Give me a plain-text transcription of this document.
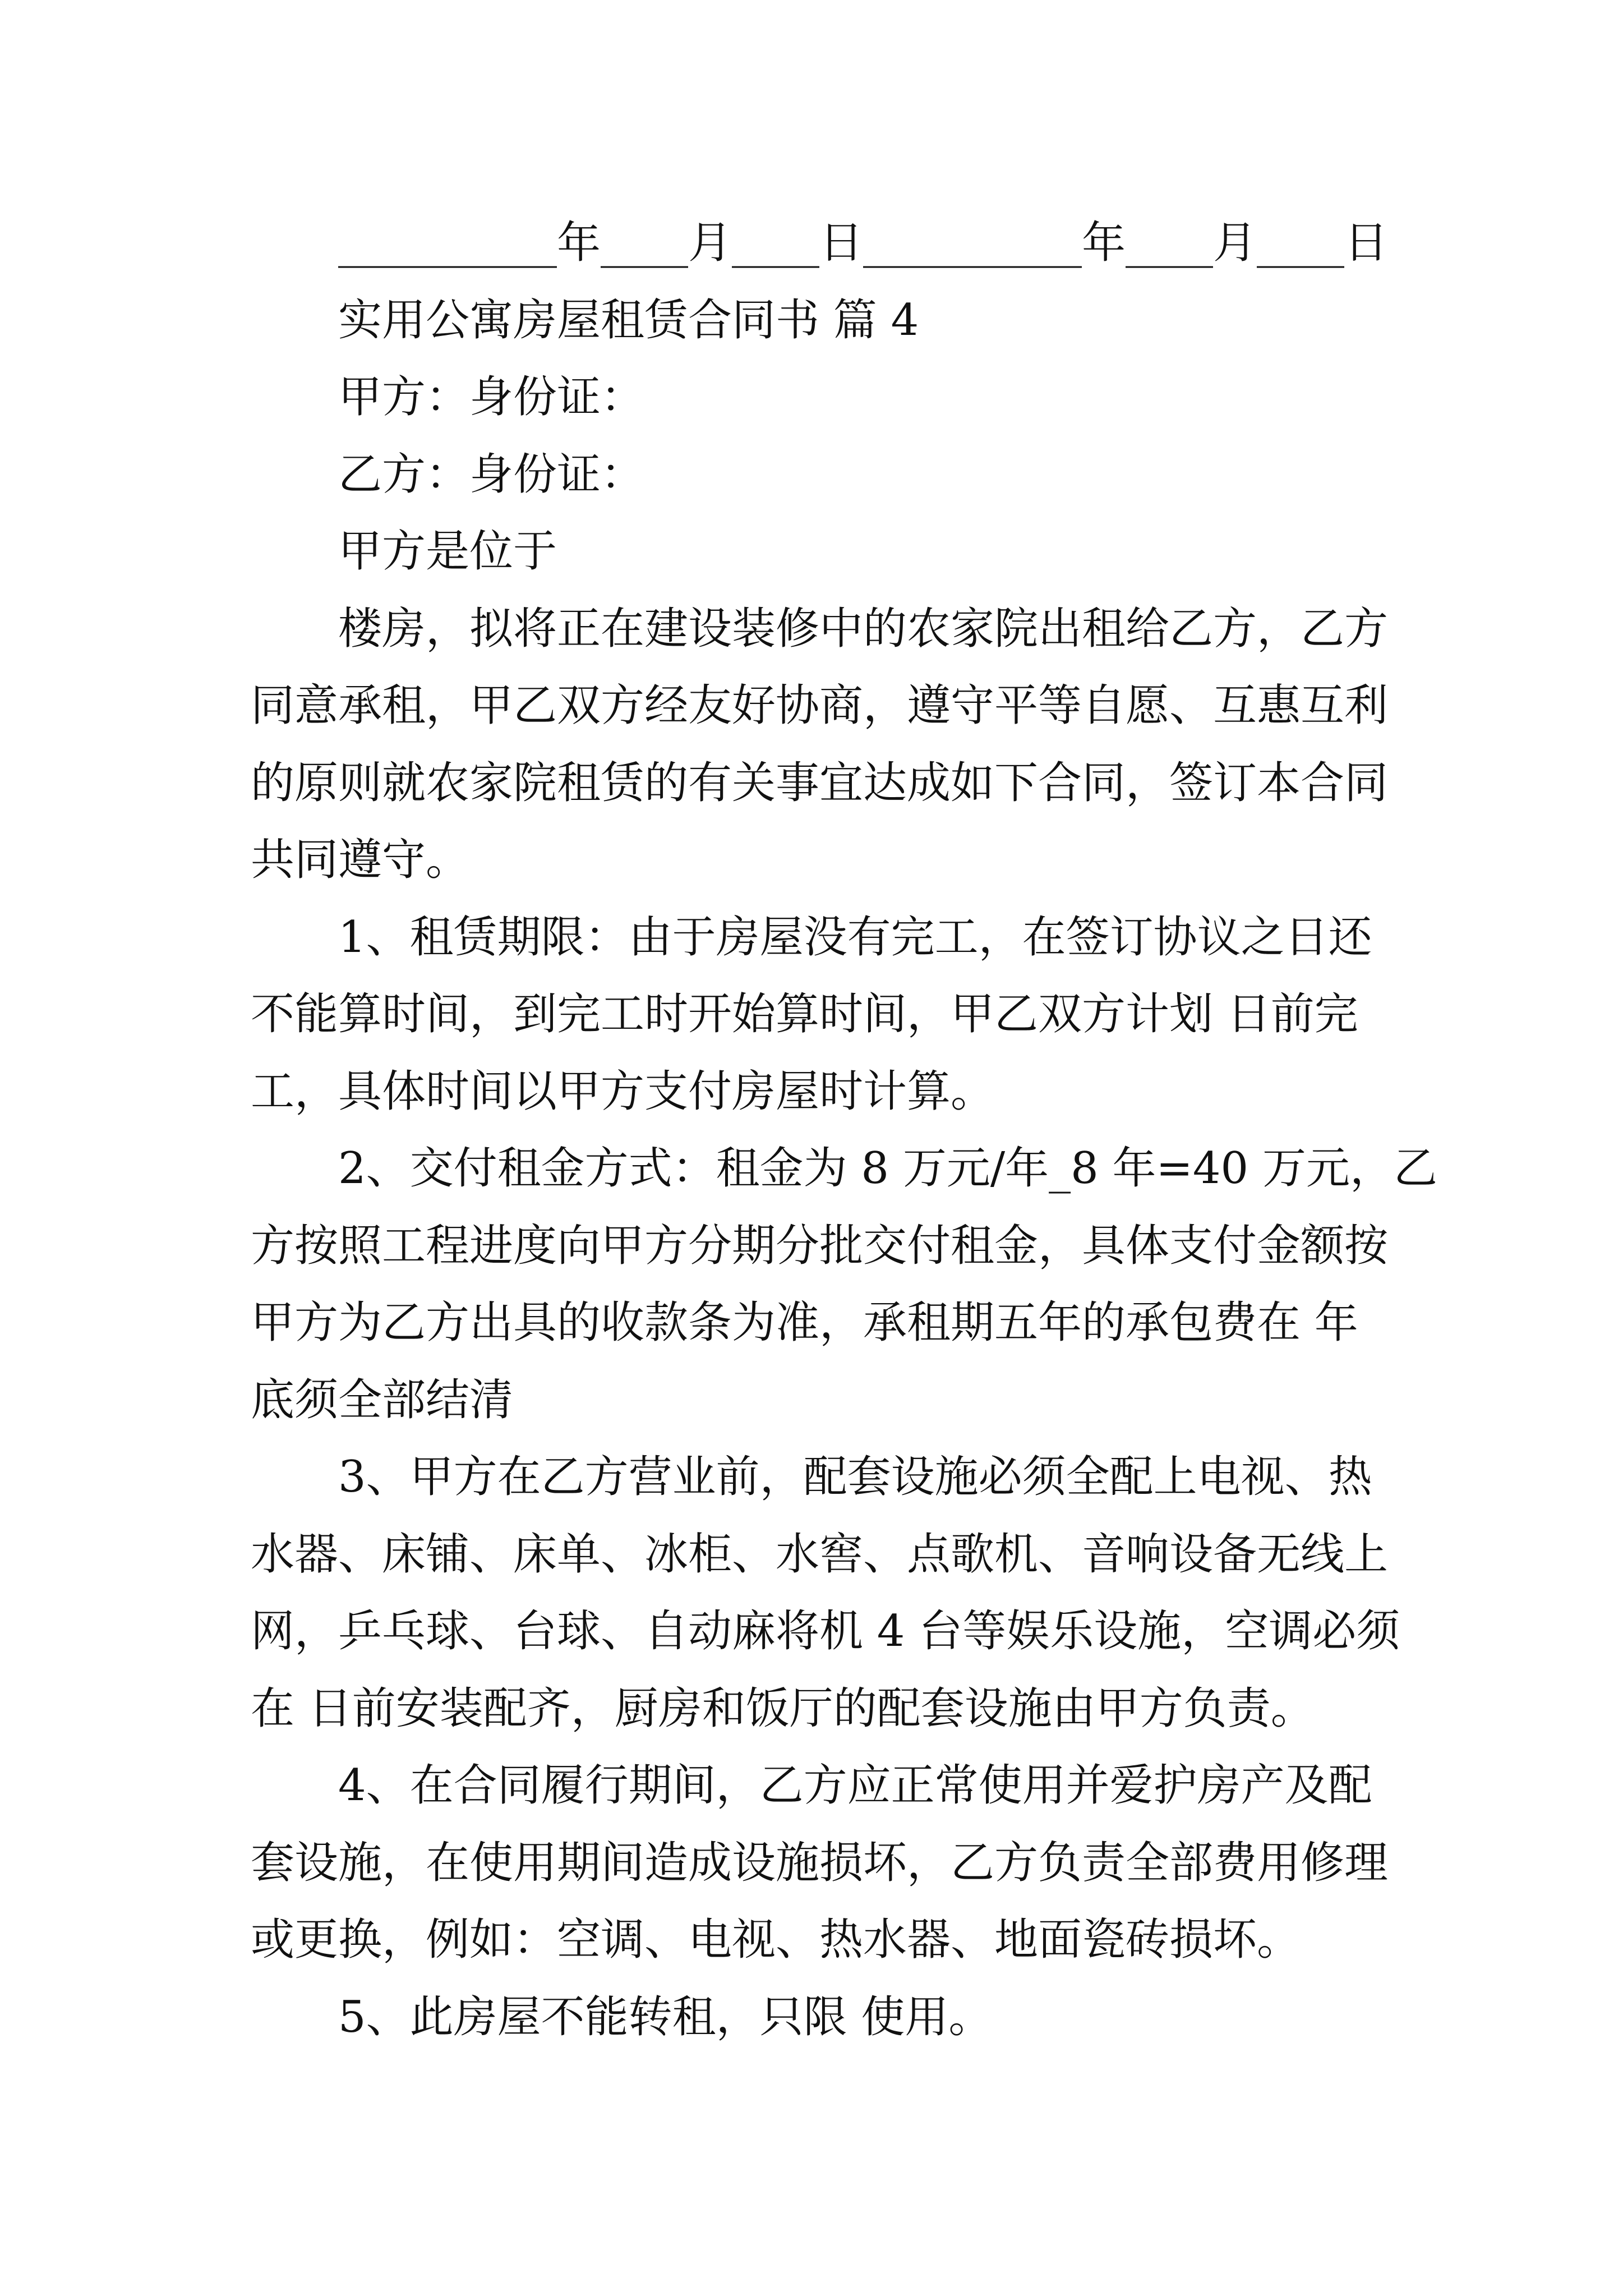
__________年____月____日__________年____月____日
实用公寓房屋租赁合同书 篇 4
甲方：身份证：
乙方：身份证：
甲方是位于
楼房，拟将正在建设装修中的农家院出租给乙方，乙方
同意承租，甲乙双方经友好协商，遵守平等自愿、互惠互利
的原则就农家院租赁的有关事宜达成如下合同，签订本合同
共同遵守。
1、租赁期限：由于房屋没有完工，在签订协议之日还
不能算时间，到完工时开始算时间，甲乙双方计划 日前完
工，具体时间以甲方支付房屋时计算。
2、交付租金方式：租金为 8 万元/年_8 年=40 万元，乙
方按照工程进度向甲方分期分批交付租金，具体支付金额按
甲方为乙方出具的收款条为准，承租期五年的承包费在 年
底须全部结清
3、甲方在乙方营业前，配套设施必须全配上电视、热
水器、床铺、床单、冰柜、水窖、点歌机、音响设备无线上
网，乒乓球、台球、自动麻将机 4 台等娱乐设施，空调必须
在 日前安装配齐，厨房和饭厅的配套设施由甲方负责。
4、在合同履行期间，乙方应正常使用并爱护房产及配
套设施，在使用期间造成设施损坏，乙方负责全部费用修理
或更换，例如：空调、电视、热水器、地面瓷砖损坏。
5、此房屋不能转租，只限 使用。
